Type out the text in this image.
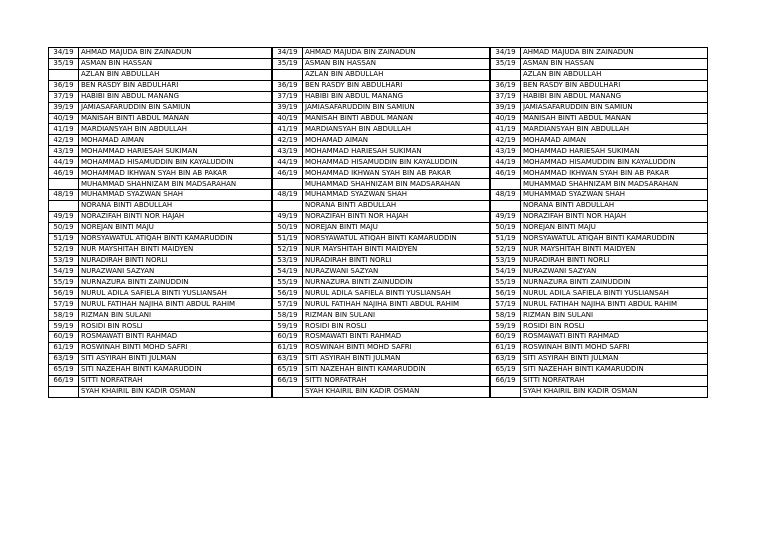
34/19	AHMAD MAJUDA BIN ZAINADUN
35/19	ASMAN BIN HASSAN
	AZLAN BIN ABDULLAH
36/19	BEN RASDY BIN ABDULHARI
37/19	HABIBI BIN ABDUL MANANG
39/19	JAMIASAFARUDDIN BIN SAMIUN
40/19	MANISAH BINTI ABDUL MANAN
41/19	MARDIANSYAH BIN ABDULLAH
42/19	MOHAMAD AIMAN
43/19	MOHAMMAD HARIESAH SUKIMAN
44/19	MOHAMMAD HISAMUDDIN BIN KAYALUDDIN
46/19	MOHAMMAD IKHWAN SYAH BIN AB PAKAR
	MUHAMMAD SHAHNIZAM BIN MADSARAHAN
48/19	MUHAMMAD SYAZWAN SHAH
	NORANA BINTI ABDULLAH
49/19	NORAZIFAH BINTI NOR HAJAH
50/19	NOREJAN BINTI MAJU
51/19	NORSYAWATUL ATIQAH BINTI KAMARUDDIN
52/19	NUR MAYSHITAH BINTI MAIDYEN
53/19	NURADIRAH BINTI NORLI
54/19	NURAZWANI SAZYAN
55/19	NURNAZURA BINTI ZAINUDDIN
56/19	NURUL ADILA SAFIELA BINTI YUSLIANSAH
57/19	NURUL FATIHAH NAJIHA BINTI ABDUL RAHIM
58/19	RIZMAN BIN SULANI
59/19	ROSIDI BIN ROSLI
60/19	ROSMAWATI BINTI RAHMAD
61/19	ROSWINAH BINTI MOHD SAFRI
63/19	SITI ASYIRAH BINTI JULMAN
65/19	SITI NAZEHAH BINTI KAMARUDDIN
66/19	SITTI NORFATRAH
	SYAH KHAIRIL BIN KADIR OSMAN
34/19	AHMAD MAJUDA BIN ZAINADUN
35/19	ASMAN BIN HASSAN
	AZLAN BIN ABDULLAH
36/19	BEN RASDY BIN ABDULHARI
37/19	HABIBI BIN ABDUL MANANG
39/19	JAMIASAFARUDDIN BIN SAMIUN
40/19	MANISAH BINTI ABDUL MANAN
41/19	MARDIANSYAH BIN ABDULLAH
42/19	MOHAMAD AIMAN
43/19	MOHAMMAD HARIESAH SUKIMAN
44/19	MOHAMMAD HISAMUDDIN BIN KAYALUDDIN
46/19	MOHAMMAD IKHWAN SYAH BIN AB PAKAR
	MUHAMMAD SHAHNIZAM BIN MADSARAHAN
48/19	MUHAMMAD SYAZWAN SHAH
	NORANA BINTI ABDULLAH
49/19	NORAZIFAH BINTI NOR HAJAH
50/19	NOREJAN BINTI MAJU
51/19	NORSYAWATUL ATIQAH BINTI KAMARUDDIN
52/19	NUR MAYSHITAH BINTI MAIDYEN
53/19	NURADIRAH BINTI NORLI
54/19	NURAZWANI SAZYAN
55/19	NURNAZURA BINTI ZAINUDDIN
56/19	NURUL ADILA SAFIELA BINTI YUSLIANSAH
57/19	NURUL FATIHAH NAJIHA BINTI ABDUL RAHIM
58/19	RIZMAN BIN SULANI
59/19	ROSIDI BIN ROSLI
60/19	ROSMAWATI BINTI RAHMAD
61/19	ROSWINAH BINTI MOHD SAFRI
63/19	SITI ASYIRAH BINTI JULMAN
65/19	SITI NAZEHAH BINTI KAMARUDDIN
66/19	SITTI NORFATRAH
	SYAH KHAIRIL BIN KADIR OSMAN
34/19	AHMAD MAJUDA BIN ZAINADUN
35/19	ASMAN BIN HASSAN
	AZLAN BIN ABDULLAH
36/19	BEN RASDY BIN ABDULHARI
37/19	HABIBI BIN ABDUL MANANG
39/19	JAMIASAFARUDDIN BIN SAMIUN
40/19	MANISAH BINTI ABDUL MANAN
41/19	MARDIANSYAH BIN ABDULLAH
42/19	MOHAMAD AIMAN
43/19	MOHAMMAD HARIESAH SUKIMAN
44/19	MOHAMMAD HISAMUDDIN BIN KAYALUDDIN
46/19	MOHAMMAD IKHWAN SYAH BIN AB PAKAR
	MUHAMMAD SHAHNIZAM BIN MADSARAHAN
48/19	MUHAMMAD SYAZWAN SHAH
	NORANA BINTI ABDULLAH
49/19	NORAZIFAH BINTI NOR HAJAH
50/19	NOREJAN BINTI MAJU
51/19	NORSYAWATUL ATIQAH BINTI KAMARUDDIN
52/19	NUR MAYSHITAH BINTI MAIDYEN
53/19	NURADIRAH BINTI NORLI
54/19	NURAZWANI SAZYAN
55/19	NURNAZURA BINTI ZAINUDDIN
56/19	NURUL ADILA SAFIELA BINTI YUSLIANSAH
57/19	NURUL FATIHAH NAJIHA BINTI ABDUL RAHIM
58/19	RIZMAN BIN SULANI
59/19	ROSIDI BIN ROSLI
60/19	ROSMAWATI BINTI RAHMAD
61/19	ROSWINAH BINTI MOHD SAFRI
63/19	SITI ASYIRAH BINTI JULMAN
65/19	SITI NAZEHAH BINTI KAMARUDDIN
66/19	SITTI NORFATRAH
	SYAH KHAIRIL BIN KADIR OSMAN
